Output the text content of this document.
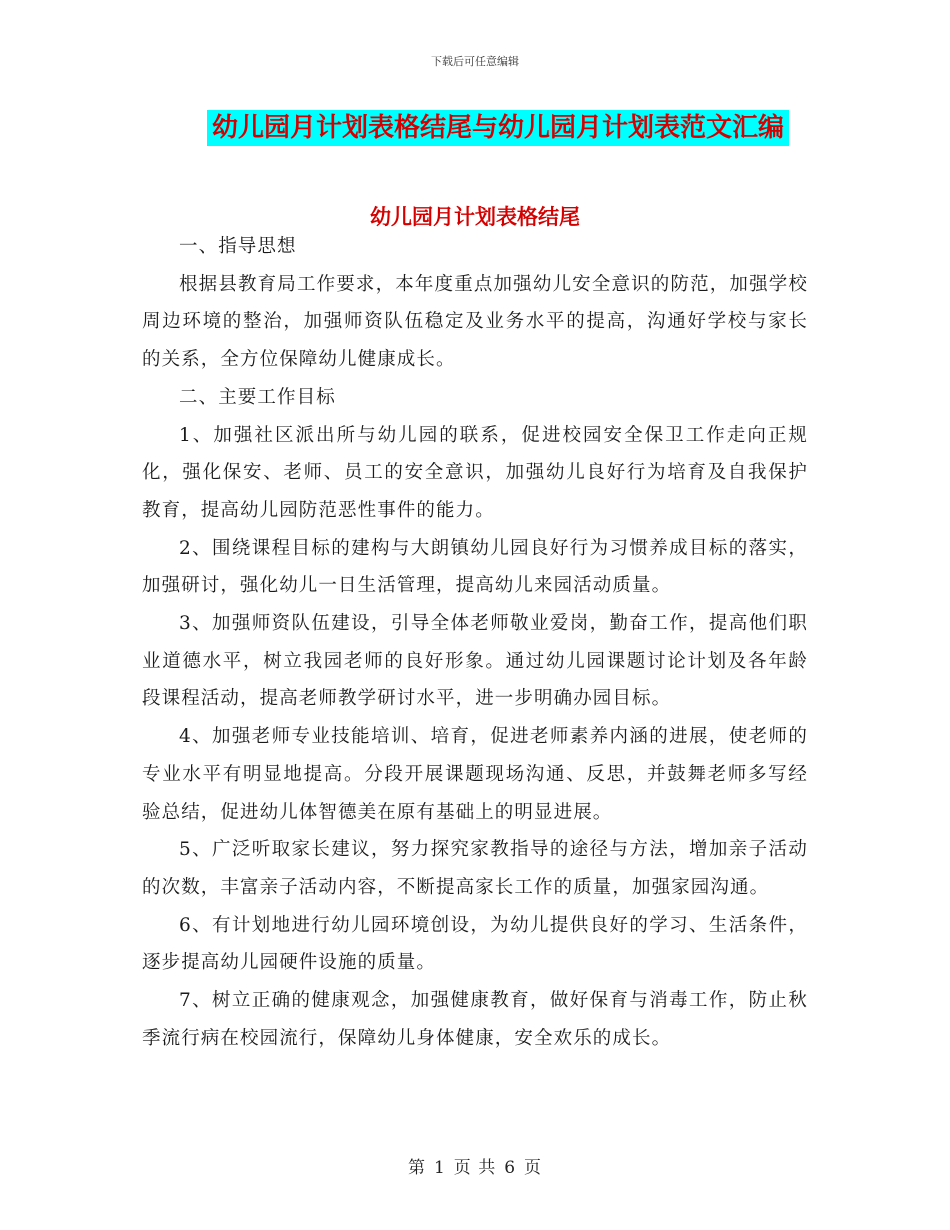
下载后可任意编辑
幼儿园月计划表格结尾与幼儿园月计划表范文汇编
幼儿园月计划表格结尾

一、指导思想

根据县教育局工作要求，本年度重点加强幼儿安全意识的防范，加强学校周边环境的整治，加强师资队伍稳定及业务水平的提高，沟通好学校与家长的关系，全方位保障幼儿健康成长。

二、主要工作目标

1、加强社区派出所与幼儿园的联系，促进校园安全保卫工作走向正规化，强化保安、老师、员工的安全意识，加强幼儿良好行为培育及自我保护教育，提高幼儿园防范恶性事件的能力。

2、围绕课程目标的建构与大朗镇幼儿园良好行为习惯养成目标的落实，加强研讨，强化幼儿一日生活管理，提高幼儿来园活动质量。

3、加强师资队伍建设，引导全体老师敬业爱岗，勤奋工作，提高他们职业道德水平，树立我园老师的良好形象。通过幼儿园课题讨论计划及各年龄段课程活动，提高老师教学研讨水平，进一步明确办园目标。

4、加强老师专业技能培训、培育，促进老师素养内涵的进展，使老师的专业水平有明显地提高。分段开展课题现场沟通、反思，并鼓舞老师多写经验总结，促进幼儿体智德美在原有基础上的明显进展。

5、广泛听取家长建议，努力探究家教指导的途径与方法，增加亲子活动的次数，丰富亲子活动内容，不断提高家长工作的质量，加强家园沟通。

6、有计划地进行幼儿园环境创设，为幼儿提供良好的学习、生活条件，逐步提高幼儿园硬件设施的质量。

7、树立正确的健康观念，加强健康教育，做好保育与消毒工作，防止秋季流行病在校园流行，保障幼儿身体健康，安全欢乐的成长。

第 1 页 共 6 页
